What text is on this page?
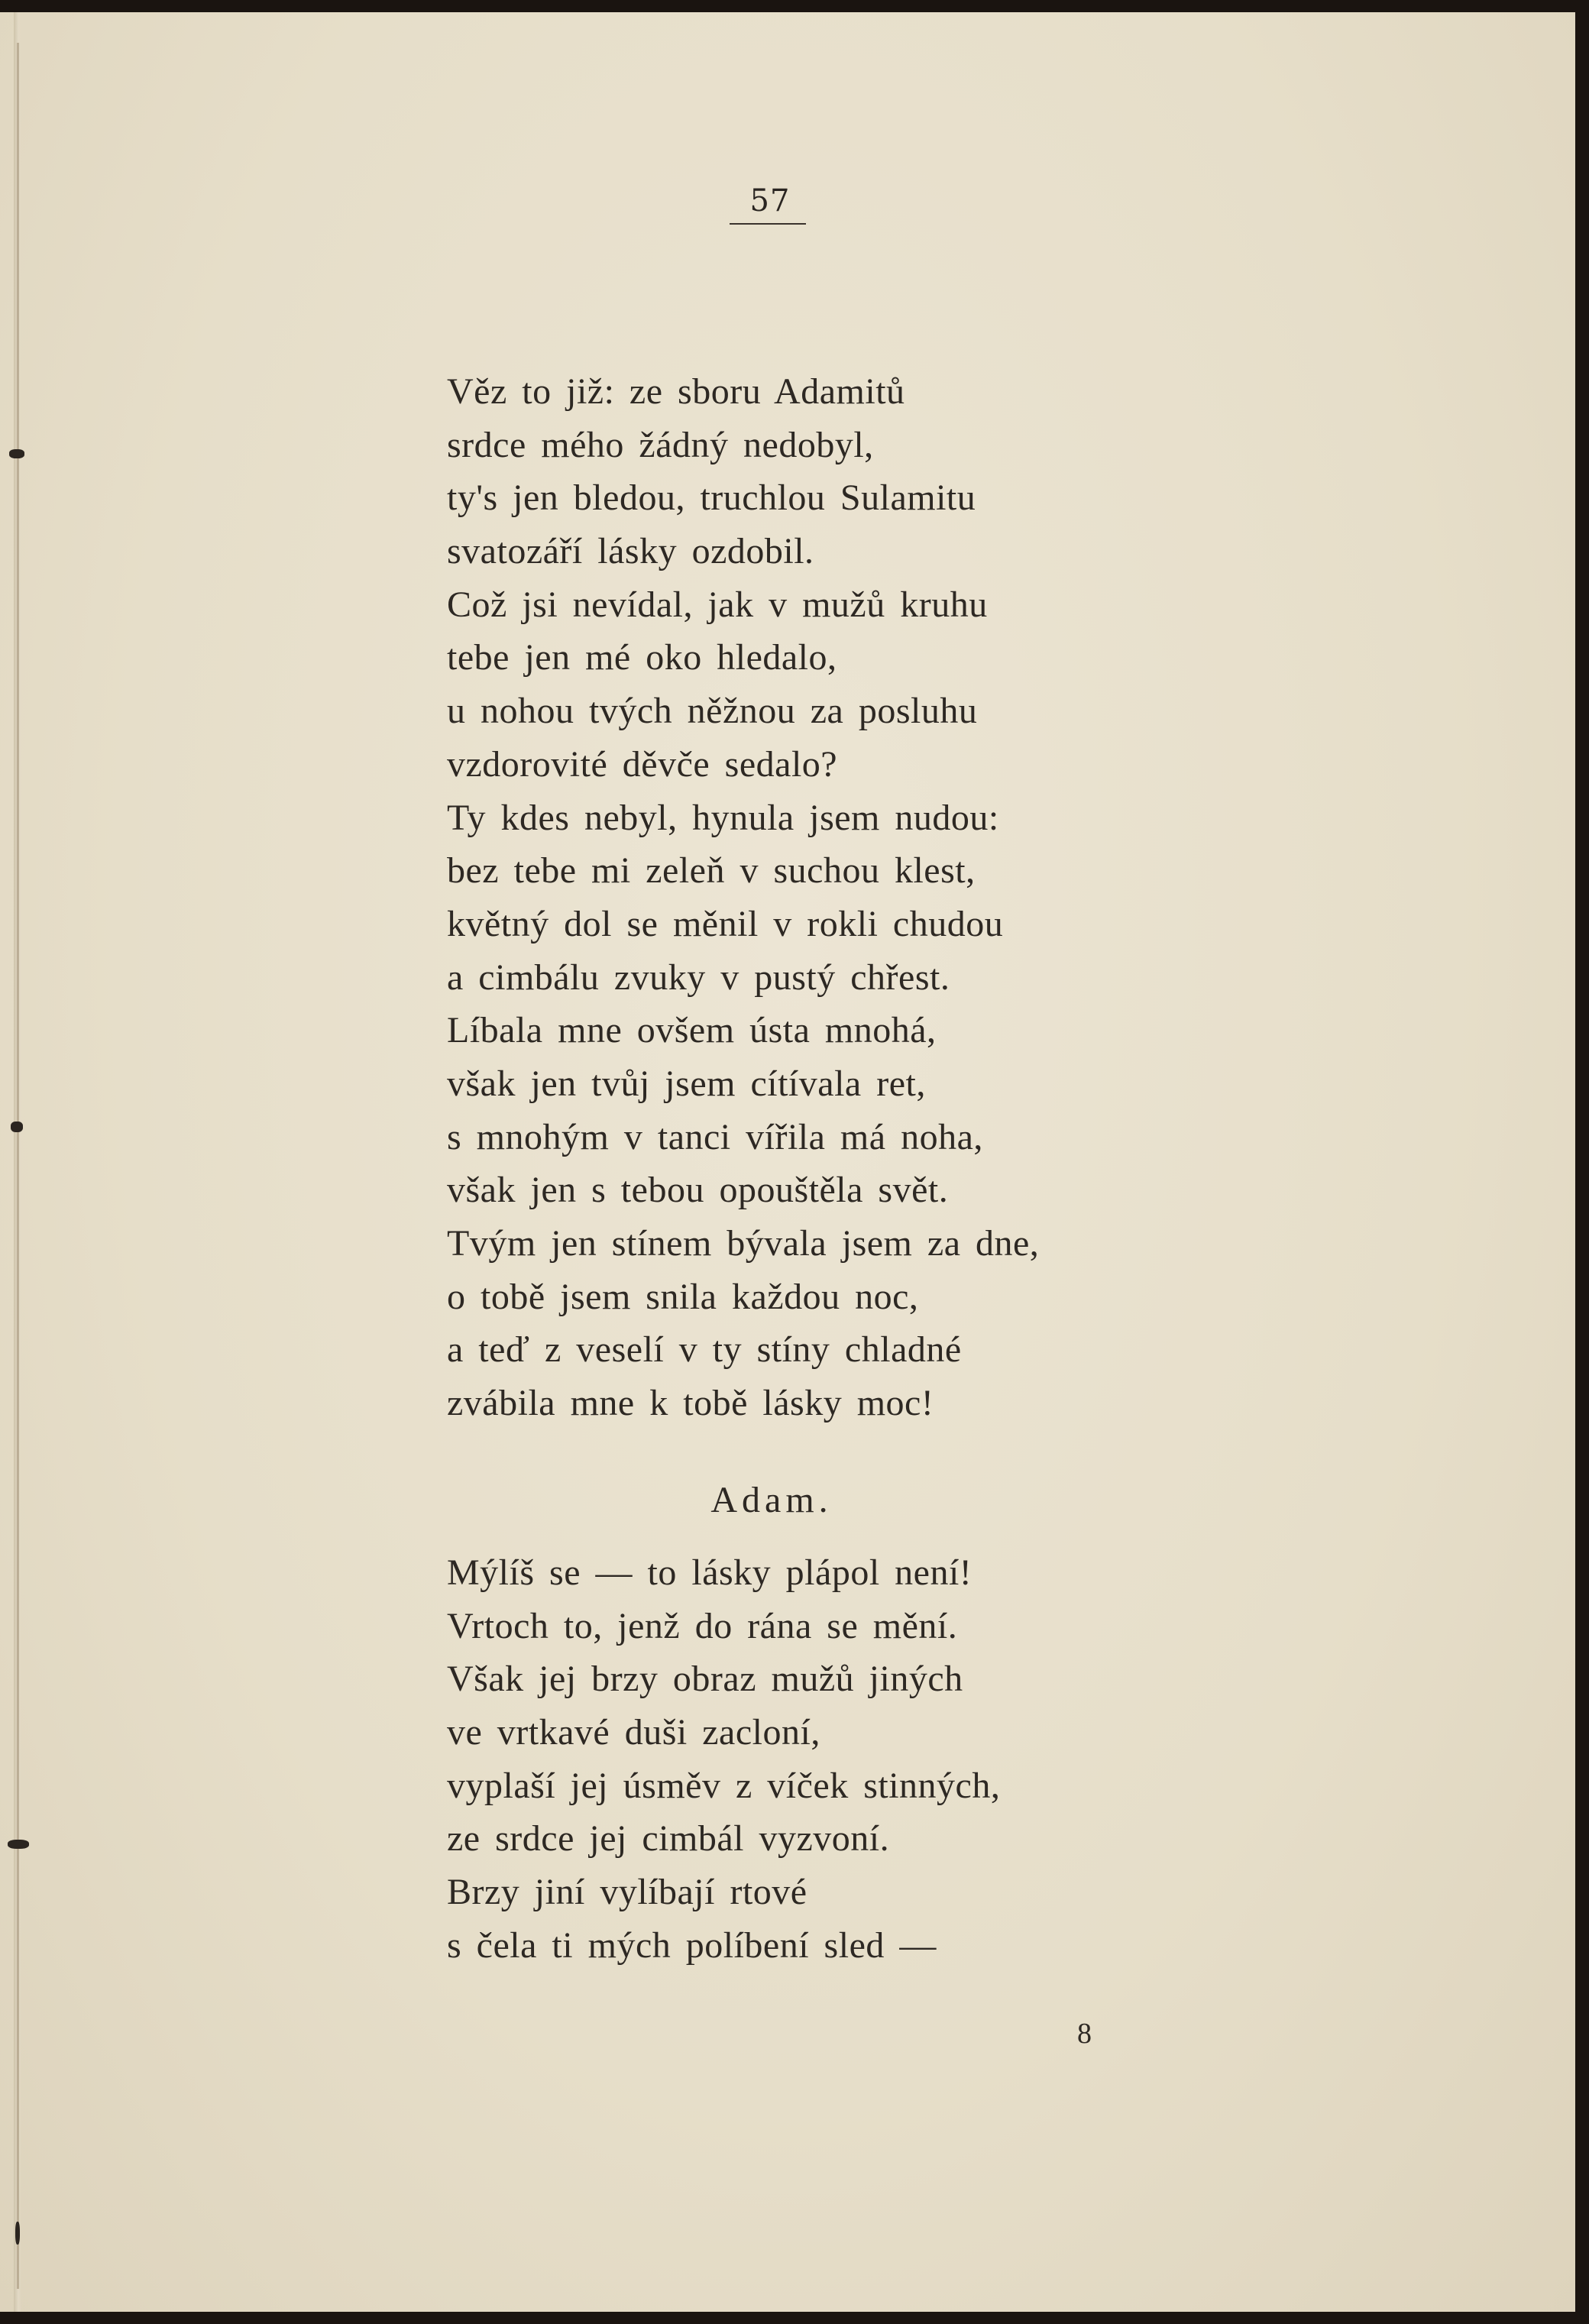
57
Věz to již: ze sboru Adamitů
srdce mého žádný nedobyl,
ty's jen bledou, truchlou Sulamitu
svatozáří lásky ozdobil.
Což jsi nevídal, jak v mužů kruhu
tebe jen mé oko hledalo,
u nohou tvých něžnou za posluhu
vzdorovité děvče sedalo?
Ty kdes nebyl, hynula jsem nudou:
bez tebe mi zeleň v suchou klest,
květný dol se měnil v rokli chudou
a cimbálu zvuky v pustý chřest.
Líbala mne ovšem ústa mnohá,
však jen tvůj jsem cítívala ret,
s mnohým v tanci vířila má noha,
však jen s tebou opouštěla svět.
Tvým jen stínem bývala jsem za dne,
o tobě jsem snila každou noc,
a teď z veselí v ty stíny chladné
zvábila mne k tobě lásky moc!
Adam.
Mýlíš se — to lásky plápol není!
Vrtoch to, jenž do rána se mění.
Však jej brzy obraz mužů jiných
ve vrtkavé duši zacloní,
vyplaší jej úsměv z víček stinných,
ze srdce jej cimbál vyzvoní.
Brzy jiní vylíbají rtové
s čela ti mých políbení sled —
8
